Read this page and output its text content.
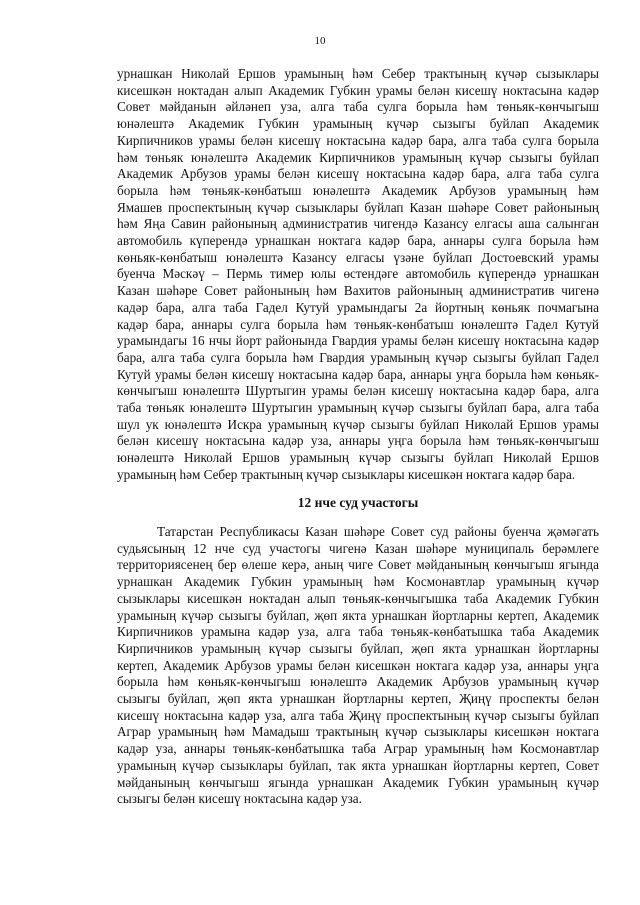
10
урнашкан Николай Ершов урамының һәм Себер трактының күчәр сызыклары
кисешкән ноктадан алып Академик Губкин урамы белән кисешү ноктасына кадәр
Совет мәйданын әйләнеп уза, алга таба сулга борыла һәм төньяк-көнчыгыш
юнәлештә Академик Губкин урамының күчәр сызыгы буйлап Академик
Кирпичников урамы белән кисешү ноктасына кадәр бара, алга таба сулга борыла
һәм төньяк юнәлештә Академик Кирпичников урамының күчәр сызыгы буйлап
Академик Арбузов урамы белән кисешү ноктасына кадәр бара, алга таба сулга
борыла һәм төньяк-көнбатыш юнәлештә Академик Арбузов урамының һәм
Ямашев проспектының күчәр сызыклары буйлап Казан шәһәре Совет районының
һәм Яңа Савин районының административ чигендә Казансу елгасы аша салынган
автомобиль күперендә урнашкан ноктага кадәр бара, аннары сулга борыла һәм
көньяк-көнбатыш юнәлештә Казансу елгасы үзәне буйлап Достоевский урамы
буенча Мәскәү – Пермь тимер юлы өстендәге автомобиль күперендә урнашкан
Казан шәһәре Совет районының һәм Вахитов районының административ чигенә
кадәр бара, алга таба Гадел Кутуй урамындагы 2а йортның көньяк почмагына
кадәр бара, аннары сулга борыла һәм төньяк-көнбатыш юнәлештә Гадел Кутуй
урамындагы 16 нчы йорт районында Гвардия урамы белән кисешү ноктасына кадәр
бара, алга таба сулга борыла һәм Гвардия урамының күчәр сызыгы буйлап Гадел
Кутуй урамы белән кисешү ноктасына кадәр бара, аннары уңга борыла һәм көньяк-
көнчыгыш юнәлештә Шуртыгин урамы белән кисешү ноктасына кадәр бара, алга
таба төньяк юнәлештә Шуртыгин урамының күчәр сызыгы буйлап бара, алга таба
шул ук юнәлештә Искра урамының күчәр сызыгы буйлап Николай Ершов урамы
белән кисешү ноктасына кадәр уза, аннары уңга борыла һәм төньяк-көнчыгыш
юнәлештә Николай Ершов урамының күчәр сызыгы буйлап Николай Ершов
урамының һәм Себер трактының күчәр сызыклары кисешкән ноктага кадәр бара.
12 нче суд участогы
Татарстан Республикасы Казан шәһәре Совет суд районы буенча җәмәгать
судьясының 12 нче суд участогы чигенә Казан шәһәре муниципаль берәмлеге
территориясенең бер өлеше керә, аның чиге Совет мәйданының көнчыгыш ягында
урнашкан Академик Губкин урамының һәм Космонавтлар урамының күчәр
сызыклары кисешкән ноктадан алып төньяк-көнчыгышка таба Академик Губкин
урамының күчәр сызыгы буйлап, җөп якта урнашкан йортларны кертеп, Академик
Кирпичников урамына кадәр уза, алга таба төньяк-көнбатышка таба Академик
Кирпичников урамының күчәр сызыгы буйлап, җөп якта урнашкан йортларны
кертеп, Академик Арбузов урамы белән кисешкән ноктага кадәр уза, аннары уңга
борыла һәм көньяк-көнчыгыш юнәлештә Академик Арбузов урамының күчәр
сызыгы буйлап, җөп якта урнашкан йортларны кертеп, Җиңү проспекты белән
кисешү ноктасына кадәр уза, алга таба Җиңү проспектының күчәр сызыгы буйлап
Аграр урамының һәм Мамадыш трактының күчәр сызыклары кисешкән ноктага
кадәр уза, аннары төньяк-көнбатышка таба Аграр урамының һәм Космонавтлар
урамының күчәр сызыклары буйлап, так якта урнашкан йортларны кертеп, Совет
мәйданының көнчыгыш ягында урнашкан Академик Губкин урамының күчәр
сызыгы белән кисешү ноктасына кадәр уза.
